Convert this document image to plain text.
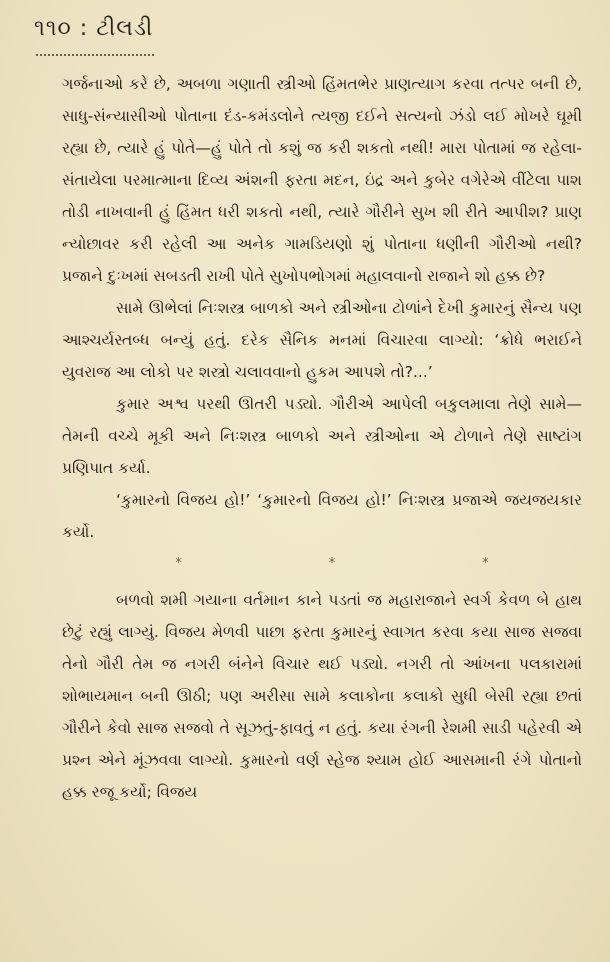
૧૧૦ : ટીલડી

ગર્જનાઓ કરે છે, અબળા ગણાતી સ્ત્રીઓ હિંમતભેર પ્રાણત્યાગ કરવા તત્પર બની છે, સાધુ-સંન્યાસીઓ પોતાના દંડ-કમંડલોને ત્યજી દઈને સત્યનો ઝંડો લઈ મોખરે ઘૂમી રહ્યા છે, ત્યારે હું પોતે—હું પોતે તો કશું જ કરી શકતો નથી! મારા પોતામાં જ રહેલા-સંતાયેલા પરમાત્માના દિવ્ય અંશની ફરતા મદન, ઇંદ્ર અને કુબેર વગેરેએ વીંટેલા પાશ તોડી નાખવાની હું હિંમત ધરી શકતો નથી, ત્યારે ગૌરીને સુખ શી રીતે આપીશ? પ્રાણ ન્યોછાવર કરી રહેલી આ અનેક ગામડિયણો શું પોતાના ધણીની ગૌરીઓ નથી? પ્રજાને દુઃખમાં સબડતી રાખી પોતે સુખોપભોગમાં મહાલવાનો રાજાને શો હક્ક છે?

સામે ઊભેલાં નિઃશસ્ત્ર બાળકો અને સ્ત્રીઓના ટોળાંને દેખી કુમારનું સૈન્ય પણ આશ્ચર્યસ્તબ્ધ બન્યું હતું. દરેક સૈનિક મનમાં વિચારવા લાગ્યો: ‘ક્રોધે ભરાઈને યુવરાજ આ લોકો પર શસ્ત્રો ચલાવવાનો હુકમ આપશે તો?...’

કુમાર અશ્વ પરથી ઊતરી પડ્યો. ગૌરીએ આપેલી બકુલમાલા તેણે સામે—તેમની વચ્ચે મૂકી અને નિઃશસ્ત્ર બાળકો અને સ્ત્રીઓના એ ટોળાને તેણે સાષ્ટાંગ પ્રણિપાત કર્યા.

‘કુમારનો વિજય હો!’ ‘કુમારનો વિજય હો!’ નિઃશસ્ત્ર પ્રજાએ જયજયકાર કર્યો.

*	*	*

બળવો શમી ગયાના વર્તમાન કાને પડતાં જ મહારાજાને સ્વર્ગ કેવળ બે હાથ છેટું રહ્યું લાગ્યું. વિજય મેળવી પાછા ફરતા કુમારનું સ્વાગત કરવા કયા સાજ સજવા તેનો ગૌરી તેમ જ નગરી બંનેને વિચાર થઈ પડ્યો. નગરી તો આંખના પલકારામાં શોભાયમાન બની ઊઠી; પણ અરીસા સામે કલાકોના કલાકો સુધી બેસી રહ્યા છતાં ગૌરીને કેવો સાજ સજવો તે સૂઝતું-ફાવતું ન હતું. કયા રંગની રેશમી સાડી પહેરવી એ પ્રશ્ન એને મૂંઝવવા લાગ્યો. કુમારનો વર્ણ સ્હેજ શ્યામ હોઈ આસમાની રંગે પોતાનો હક્ક રજૂ કર્યો; વિજય
